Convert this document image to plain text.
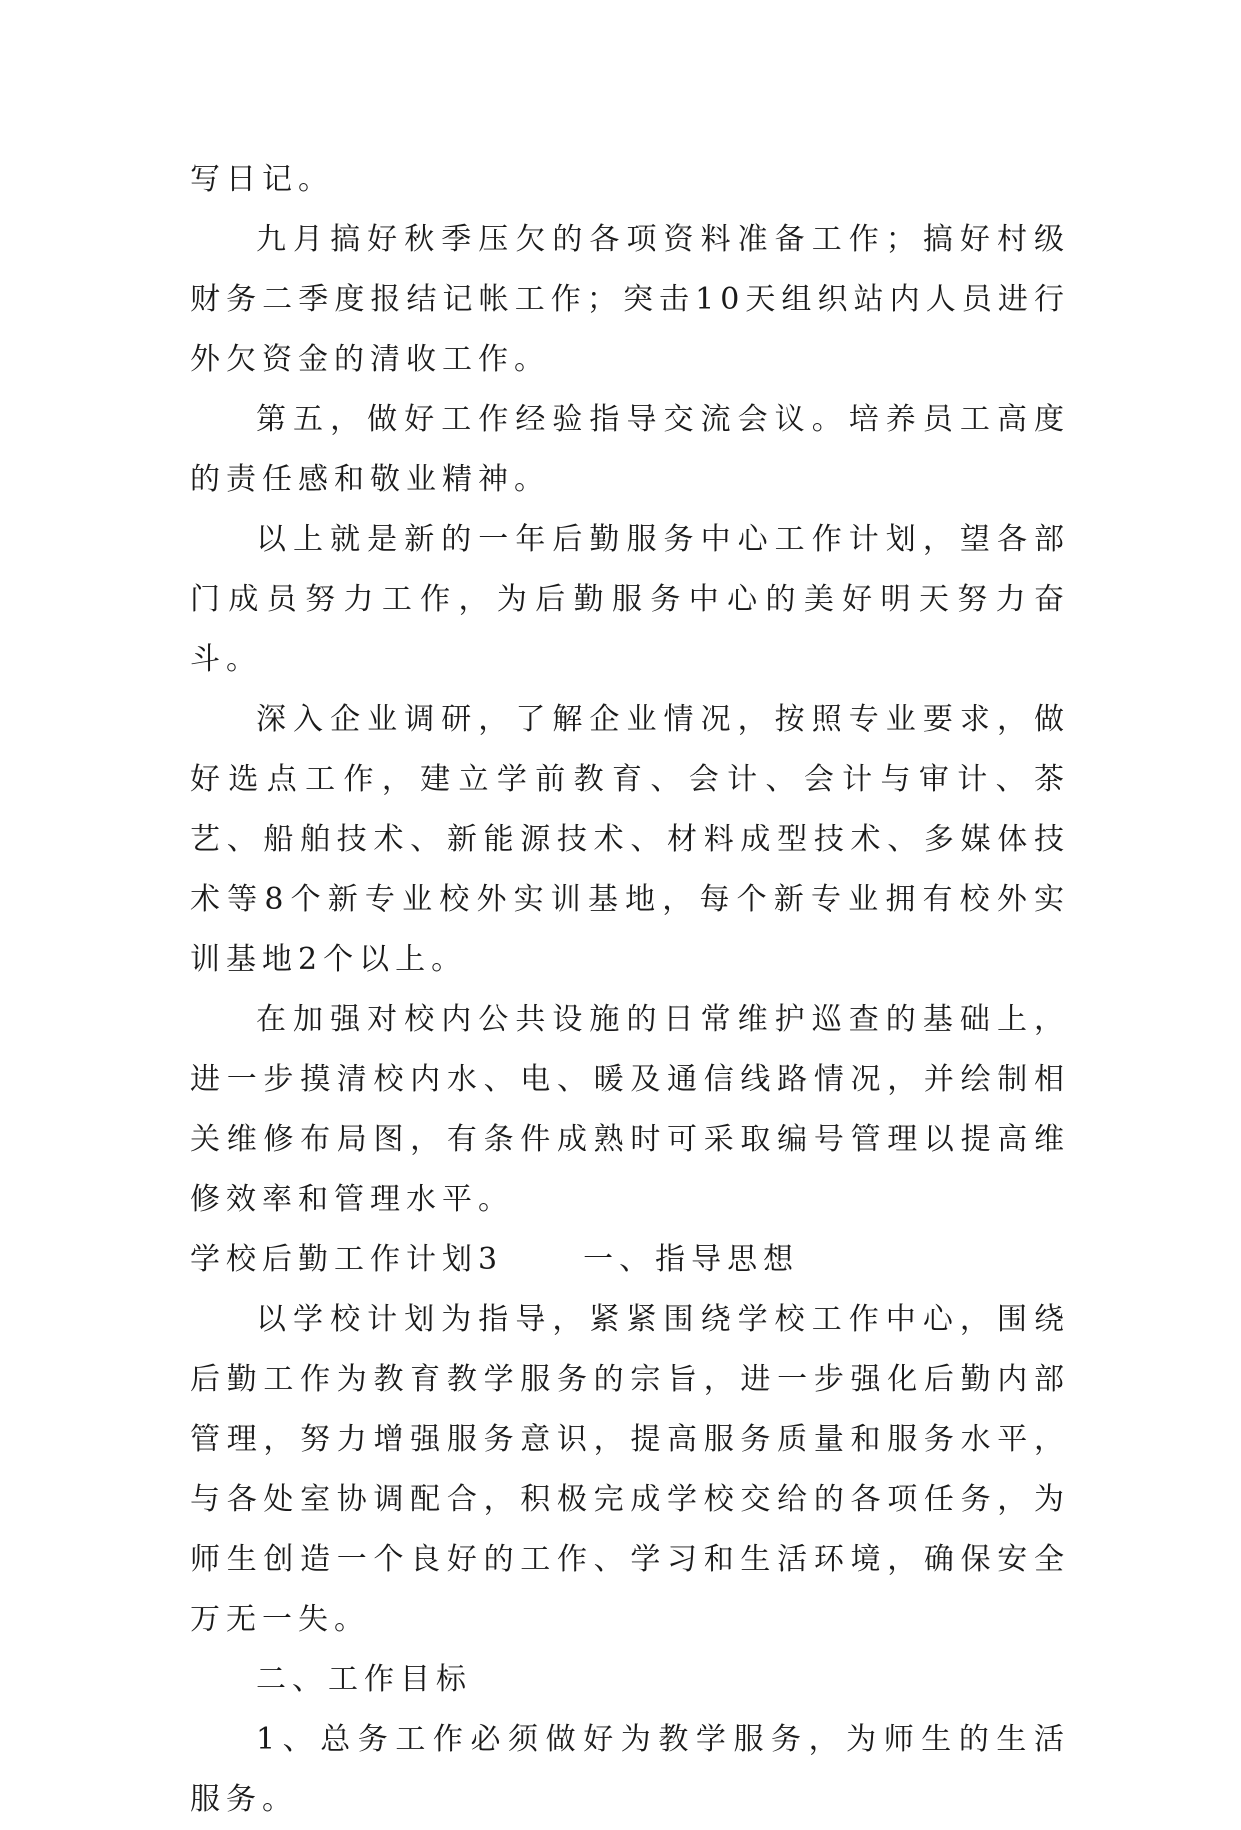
写日记。

九月搞好秋季压欠的各项资料准备工作；搞好村级财务二季度报结记帐工作；突击10天组织站内人员进行外欠资金的清收工作。

第五，做好工作经验指导交流会议。培养员工高度的责任感和敬业精神。

以上就是新的一年后勤服务中心工作计划，望各部门成员努力工作，为后勤服务中心的美好明天努力奋斗。

深入企业调研，了解企业情况，按照专业要求，做好选点工作，建立学前教育、会计、会计与审计、茶艺、船舶技术、新能源技术、材料成型技术、多媒体技术等8个新专业校外实训基地，每个新专业拥有校外实训基地2个以上。

在加强对校内公共设施的日常维护巡查的基础上，进一步摸清校内水、电、暖及通信线路情况，并绘制相关维修布局图，有条件成熟时可采取编号管理以提高维修效率和管理水平。

学校后勤工作计划3	一、指导思想

以学校计划为指导，紧紧围绕学校工作中心，围绕后勤工作为教育教学服务的宗旨，进一步强化后勤内部管理，努力增强服务意识，提高服务质量和服务水平，与各处室协调配合，积极完成学校交给的各项任务，为师生创造一个良好的工作、学习和生活环境，确保安全万无一失。

二、工作目标

1、总务工作必须做好为教学服务，为师生的生活服务。
